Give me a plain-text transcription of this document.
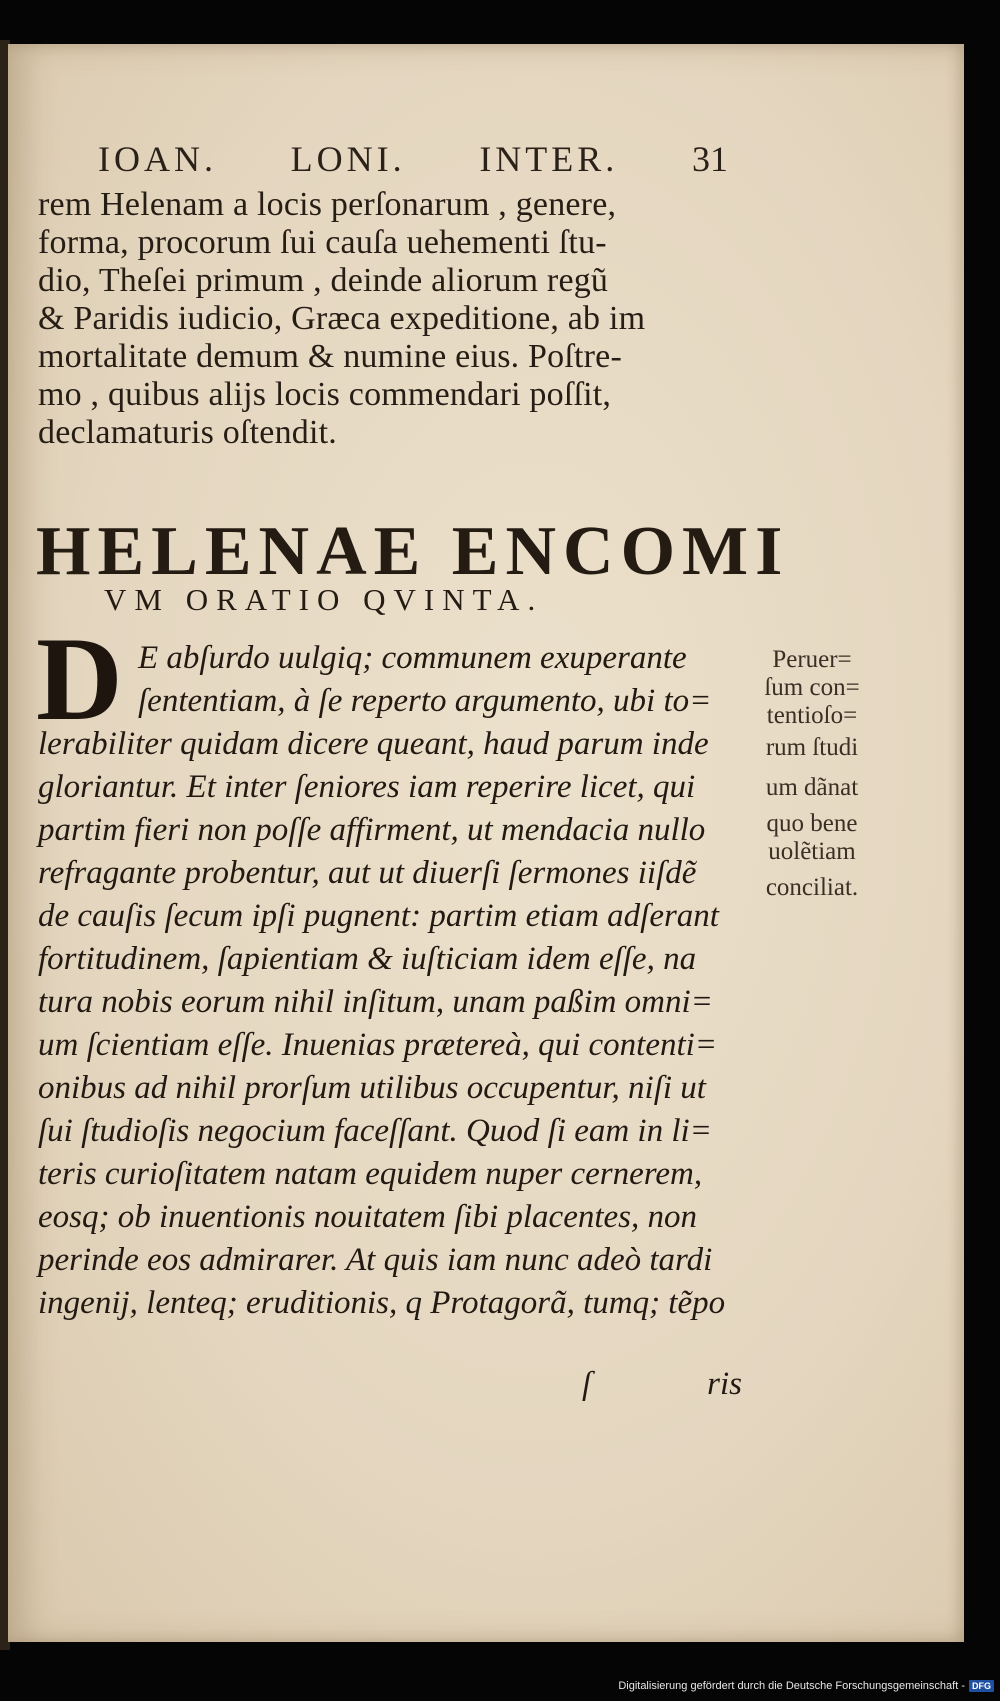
IOAN. LONI. INTER. 31
rem Helenam a locis perſonarum , genere,
forma, procorum ſui cauſa uehementi ſtu-
dio, Theſei primum , deinde aliorum regũ
& Paridis iudicio, Græca expeditione, ab im
mortalitate demum & numine eius. Poſtre-
mo , quibus alijs locis commendari poſſit,
declamaturis oſtendit.
HELENAE ENCOMI
VM ORATIO QVINTA.
D E abſurdo uulgiq; communem exuperante
ſententiam, à ſe reperto argumento, ubi to=
lerabiliter quidam dicere queant, haud parum inde
gloriantur. Et inter ſeniores iam reperire licet, qui
partim fieri non poſſe affirment, ut mendacia nullo
refragante probentur, aut ut diuerſi ſermones iiſdẽ
de cauſis ſecum ipſi pugnent: partim etiam adſerant
fortitudinem, ſapientiam & iuſticiam idem eſſe, na
tura nobis eorum nihil inſitum, unam paßim omni=
um ſcientiam eſſe. Inuenias prætereà, qui contenti=
onibus ad nihil prorſum utilibus occupentur, niſi ut
ſui ſtudioſis negocium faceſſant. Quod ſi eam in li=
teris curioſitatem natam equidem nuper cernerem,
eosq; ob inuentionis nouitatem ſibi placentes, non
perinde eos admirarer. At quis iam nunc adeò tardi
ingenij, lenteq; eruditionis, q Protagorã, tumq; tẽpo
Peruer=
ſum con=
tentioſo=
rum ſtudi
um dãnat
quo bene
uolẽtiam
conciliat.
ſ	ris
Digitalisierung gefördert durch die Deutsche Forschungsgemeinschaft - DFG
